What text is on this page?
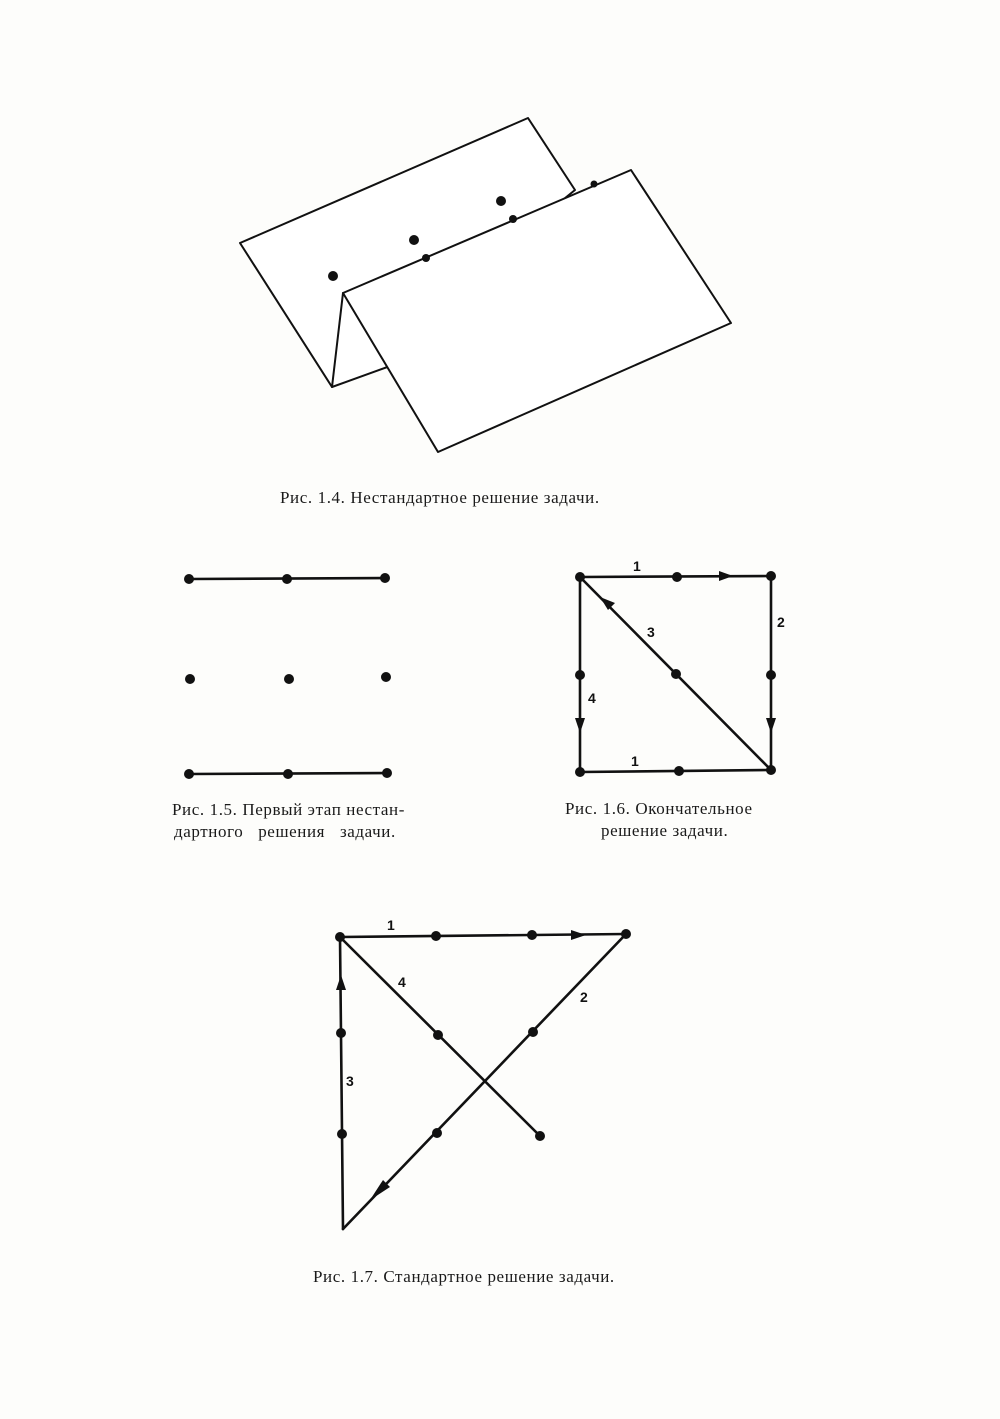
Рис. 1.4. Нестандартное решение задачи.
Рис. 1.5. Первый этап нестан-
дартного решения задачи.
1
2
3
4
1
Рис. 1.6. Окончательное
решение задачи.
1
2
3
4
Рис. 1.7. Стандартное решение задачи.
